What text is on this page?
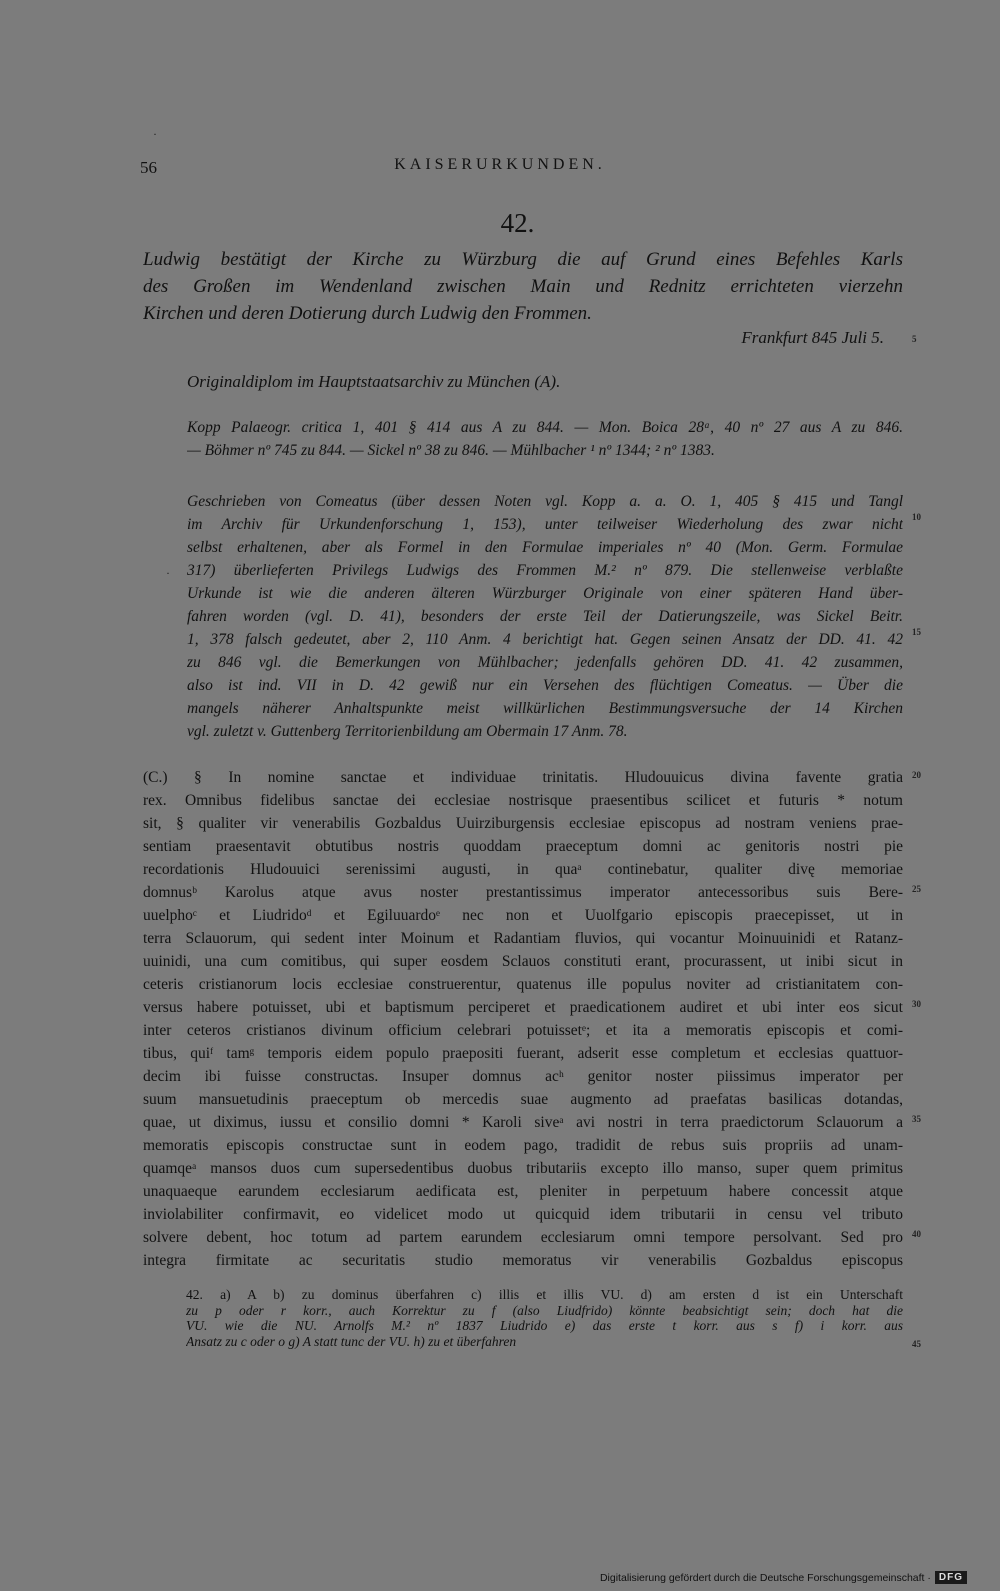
·
56	KAISERURKUNDEN.
42.
Ludwig bestätigt der Kirche zu Würzburg die auf Grund eines Befehles Karls
des Großen im Wendenland zwischen Main und Rednitz errichteten vierzehn
Kirchen und deren Dotierung durch Ludwig den Frommen.
Frankfurt 845 Juli 5.
Originaldiplom im Hauptstaatsarchiv zu München (A).
Kopp Palaeogr. critica 1, 401 § 414 aus A zu 844. — Mon. Boica 28ᵃ, 40 nº 27 aus A zu 846.
— Böhmer nº 745 zu 844. — Sickel nº 38 zu 846. — Mühlbacher ¹ nº 1344; ² nº 1383.
Geschrieben von Comeatus (über dessen Noten vgl. Kopp a. a. O. 1, 405 § 415 und Tangl
im Archiv für Urkundenforschung 1, 153), unter teilweiser Wiederholung des zwar nicht
selbst erhaltenen, aber als Formel in den Formulae imperiales nº 40 (Mon. Germ. Formulae
317) überlieferten Privilegs Ludwigs des Frommen M.² nº 879. Die stellenweise verblaßte
Urkunde ist wie die anderen älteren Würzburger Originale von einer späteren Hand über-
fahren worden (vgl. D. 41), besonders der erste Teil der Datierungszeile, was Sickel Beitr.
1, 378 falsch gedeutet, aber 2, 110 Anm. 4 berichtigt hat. Gegen seinen Ansatz der DD. 41. 42
zu 846 vgl. die Bemerkungen von Mühlbacher; jedenfalls gehören DD. 41. 42 zusammen,
also ist ind. VII in D. 42 gewiß nur ein Versehen des flüchtigen Comeatus. — Über die
mangels näherer Anhaltspunkte meist willkürlichen Bestimmungsversuche der 14 Kirchen
vgl. zuletzt v. Guttenberg Territorienbildung am Obermain 17 Anm. 78.
·
(C.) § In nomine sanctae et individuae trinitatis. Hludouuicus divina favente gratia
rex. Omnibus fidelibus sanctae dei ecclesiae nostrisque praesentibus scilicet et futuris * notum
sit, § qualiter vir venerabilis Gozbaldus Uuirziburgensis ecclesiae episcopus ad nostram veniens prae-
sentiam praesentavit obtutibus nostris quoddam praeceptum domni ac genitoris nostri pie
recordationis Hludouuici serenissimi augusti, in quaᵃ continebatur, qualiter divę memoriae
domnusᵇ Karolus atque avus noster prestantissimus imperator antecessoribus suis Bere-
uuelphoᶜ et Liudridoᵈ et Egiluuardoᵉ nec non et Uuolfgario episcopis praecepisset, ut in
terra Sclauorum, qui sedent inter Moinum et Radantiam fluvios, qui vocantur Moinuuinidi et Ratanz-
uuinidi, una cum comitibus, qui super eosdem Sclauos constituti erant, procurassent, ut inibi sicut in
ceteris cristianorum locis ecclesiae construerentur, quatenus ille populus noviter ad cristianitatem con-
versus habere potuisset, ubi et baptismum perciperet et praedicationem audiret et ubi inter eos sicut
inter ceteros cristianos divinum officium celebrari potuissetᵉ; et ita a memoratis episcopis et comi-
tibus, quiᶠ tamᵍ temporis eidem populo praepositi fuerant, adserit esse completum et ecclesias quattuor-
decim ibi fuisse constructas. Insuper domnus acʰ genitor noster piissimus imperator per
suum mansuetudinis praeceptum ob mercedis suae augmento ad praefatas basilicas dotandas,
quae, ut diximus, iussu et consilio domni * Karoli siveᵃ avi nostri in terra praedictorum Sclauorum a
memoratis episcopis constructae sunt in eodem pago, tradidit de rebus suis propriis ad unam-
quamqeᵃ mansos duos cum supersedentibus duobus tributariis excepto illo manso, super quem primitus
unaquaeque earundem ecclesiarum aedificata est, pleniter in perpetuum habere concessit atque
inviolabiliter confirmavit, eo videlicet modo ut quicquid idem tributarii in censu vel tributo
solvere debent, hoc totum ad partem earundem ecclesiarum omni tempore persolvant. Sed pro
integra firmitate ac securitatis studio memoratus vir venerabilis Gozbaldus episcopus
42. a) A b) zu dominus überfahren c) illis et illis VU. d) am ersten d ist ein Unterschaft
zu p oder r korr., auch Korrektur zu f (also Liudfrido) könnte beabsichtigt sein; doch hat die
VU. wie die NU. Arnolfs M.² nº 1837 Liudrido e) das erste t korr. aus s f) i korr. aus
Ansatz zu c oder o g) A statt tunc der VU. h) zu et überfahren
5
10
15
20
25
30
35
40
45
Digitalisierung gefördert durch die Deutsche Forschungsgemeinschaft · DFG
